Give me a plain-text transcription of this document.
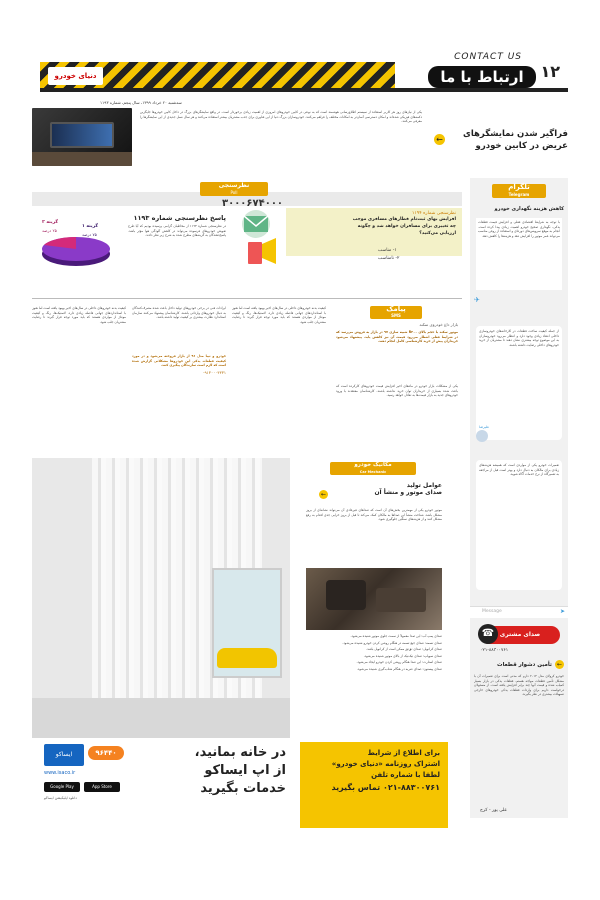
دنیای خودرو
CONTACT US
ارتباط با ما	۱۲
سه‌شنبه ۲۰ خرداد ۱۳۹۹، سال پنجم، شماره ۱۱۹۳
یکی از نیازهای روز هر کاربر استفاده از سیستم اطلاع‌رسانی هوشمند است که به نوعی در کابین خودروهای امروزی از اهمیت زیادی برخوردار است. در واقع نمایشگرهای بزرگ در داخل کابین خودروها جایگزین دکمه‌های فیزیکی شده‌اند و امکان دسترسی آسان‌تر به امکانات مختلف را فراهم می‌کنند. خودروسازان بزرگ دنیا از این فناوری برای جذب مشتریان بیشتر استفاده می‌کنند و هر سال نسل جدیدی از این نمایشگرها را معرفی می‌کنند.
فراگیر شدن نمایشگرهای
عریض در کابین خودرو
←
نظرسنجی
Poll
۳۰۰۰۶۷۴۰۰۰
پاسخ نظرسنجی شماره ۱۱۹۳
گزینه ۱
۷۵ درصد
گزینه ۲
۲۵ درصد
در نظرسنجی شماره ۱۱۹۳ از مخاطبان گرامی پرسیده بودیم که آیا طرح تعویض خودروهای فرسوده می‌تواند در کاهش آلودگی هوا مؤثر باشد. پاسخ‌دهندگان به گزینه‌های مطرح شده به شرح زیر نظر دادند.
نظرسنجی شماره ۱۱۹۴
افزایش بهای ثبت‌نام قطارهای مسافری موجب چه تغییری برای مسافران خواهد شد و چگونه ارزیابی می‌کنید؟
۱- مناسب
۲- نامناسب
تلگرام
Telegram
کاهش هزینه نگهداری خودرو
با توجه به شرایط اقتصادی فعلی و افزایش قیمت قطعات یدکی، نگهداری صحیح خودرو اهمیت زیادی پیدا کرده است. انجام به موقع سرویس‌های دوره‌ای و استفاده از روغن مناسب می‌تواند عمر موتور را افزایش دهد و هزینه‌ها را کاهش دهد.
✈
از جمله کیفیت ساخت قطعات در کارخانه‌های خودروسازی داخلی انتقاد زیادی وجود دارد و انتظار می‌رود خودروسازان به این موضوع توجه بیشتری نشان دهند تا مشتریان از خرید خودروهای داخلی رضایت داشته باشند.
علیرضا
تعمیرات خودرو یکی از مواردی است که همیشه هزینه‌های زیادی برای مالکان به دنبال دارد و بهتر است قبل از مراجعه به تعمیرگاه از نرخ خدمات آگاه شوید.
Message	➤
صدای مشتری
☎
۰۲۱-۸۸۳۰۰۷۶۱
تأمین دشوار قطعات ←
خودرو کرولای مدل ۲۰۱۴ دارم که مدتی است برای تعمیرات آن با مشکل تأمین قطعات مواجه هستم. قطعات یدکی در بازار بسیار کمیاب شده و قیمت آنها چند برابر افزایش یافته است. از مسئولان درخواست داریم برای واردات قطعات یدکی خودروهای خارجی تسهیلات بیشتری در نظر بگیرند.
علی پور - کرج
کیفیت بدنه خودروهای داخلی در سال‌های اخیر بهبود یافته است اما هنوز با استانداردهای جهانی فاصله زیادی دارد. لاستیک‌ها، رنگ و کیفیت مونتاژ از مواردی هستند که باید مورد توجه قرار گیرند تا رضایت مشتریان جلب شود.
ایرادات فنی در برخی خودروهای تولید داخل باعث شده مصرف‌کنندگان به دنبال خودروهای وارداتی باشند. کارشناسان پیشنهاد می‌کنند سازمان استاندارد نظارت بیشتری بر کیفیت تولید داشته باشد.
خودرو و تیبا مدل ۹۶ از بازار فروخته می‌شود و در مورد کیفیت قطعات یدکی این خودروها مشکلاتی گزارش شده است که لازم است سازندگان پیگیری کنند.
۰۹۱۳۰۰۰۴۳۳۱
کیفیت بدنه خودروهای داخلی در سال‌های اخیر بهبود یافته است اما هنوز با استانداردهای جهانی فاصله زیادی دارد. لاستیک‌ها، رنگ و کیفیت مونتاژ از مواردی هستند که باید مورد توجه قرار گیرند تا رضایت مشتریان جلب شود.
پیامک
SMS
بازار داغ خودروی سکند
موتور سکند با حجم بالای R۲۰۰ شبیه سازی ۹۷ در بازار به فروش می‌رسد که در شرایط فعلی انتظار می‌رود قیمت آن نیز کاهش یابد. پیشنهاد می‌شود خریداران پیش از خرید کارشناسی کامل انجام دهند.
یکی از مشکلات بازار خودرو در ماه‌های اخیر افزایش قیمت خودروهای کارکرده است که باعث شده بسیاری از خریداران توان خرید نداشته باشند. کارشناسان معتقدند با ورود خودروهای جدید به بازار قیمت‌ها به تعادل خواهد رسید.
در خانه بمانید،
از اپ ایساکو
خدمات بگیرید
۹۶۴۴۰
ایساکو
www.isaco.ir
Google Play	App Store
دانلود اپلیکیشن ایساکو
مکانیک خودرو
Car Mechanic
عوامل تولید
صدای موتور و منشأ آن
←
موتور خودرو یکی از مهمترین بخش‌های آن است که صداهای غیرعادی آن می‌تواند نشانه‌ای از بروز مشکل باشد. شناخت منشأ این صداها به مالکان کمک می‌کند تا قبل از بروز خرابی جدی اقدام به رفع مشکل کنند و از هزینه‌های سنگین جلوگیری شود.
صدای پمپ آب: این صدا معمولاً از سمت جلوی موتور شنیده می‌شود.
صدای تسمه: صدای جیغ تسمه در هنگام روشن کردن خودرو شنیده می‌شود.
صدای کرانویل: صدای تق‌تق ممکن است از کرانویل باشد.
صدای سوپاپ: صدای تیک‌تیک از بالای موتور شنیده می‌شود.
صدای استارت: این صدا هنگام روشن کردن خودرو ایجاد می‌شود.
صدای پیستون: صدای ضربه در هنگام شتاب‌گیری شنیده می‌شود.
برای اطلاع از شرایط
اشتراک روزنامه «دنیای خودرو»
لطفا با شماره تلفن
۰۲۱-۸۸۳۰۰۷۶۱ تماس بگیرید
